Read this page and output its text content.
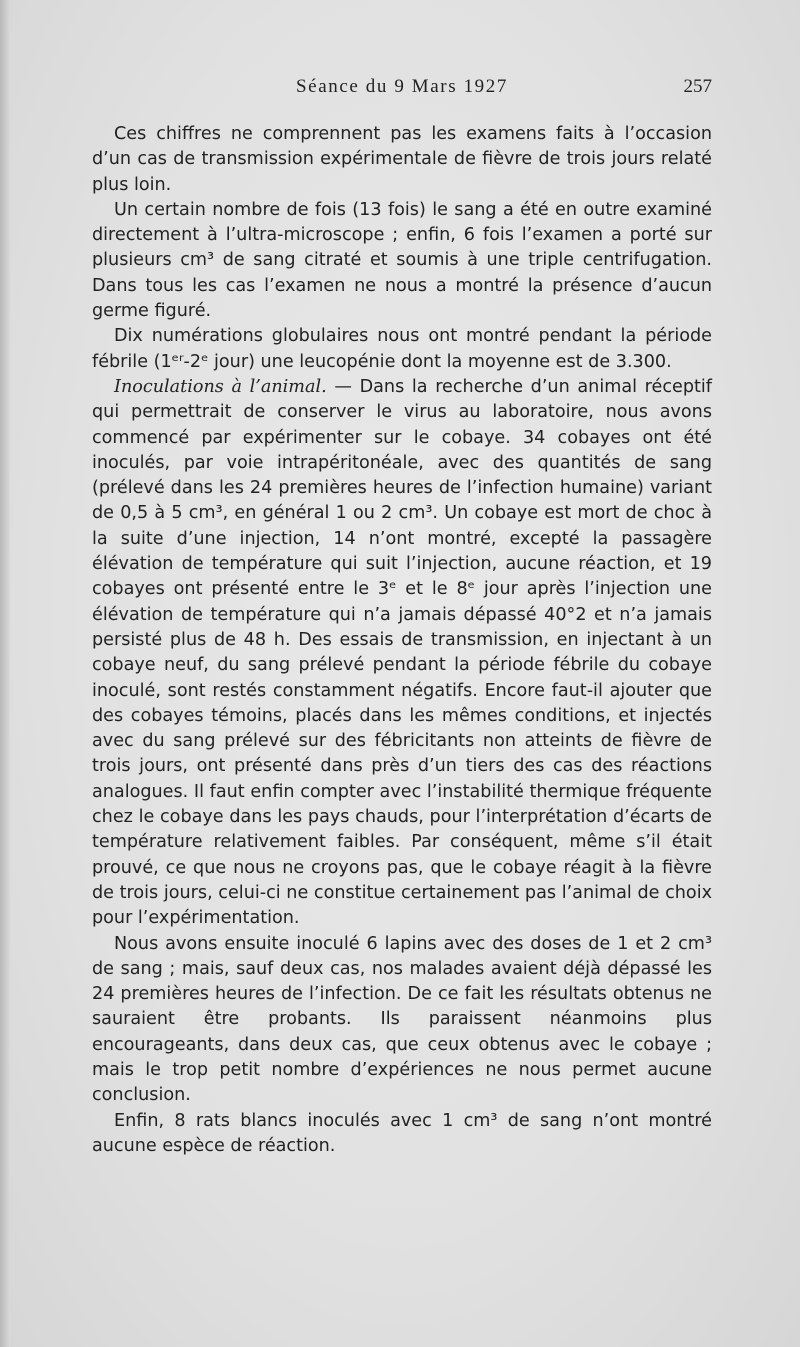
Séance du 9 Mars 1927	257

Ces chiffres ne comprennent pas les examens faits à l’occasion d’un cas de transmission expérimentale de fièvre de trois jours relaté plus loin.

Un certain nombre de fois (13 fois) le sang a été en outre examiné directement à l’ultra-microscope ; enfin, 6 fois l’examen a porté sur plusieurs cm³ de sang citraté et soumis à une triple centrifugation. Dans tous les cas l’examen ne nous a montré la présence d’aucun germe figuré.

Dix numérations globulaires nous ont montré pendant la période fébrile (1ᵉʳ-2ᵉ jour) une leucopénie dont la moyenne est de 3.300.

Inoculations à l’animal. — Dans la recherche d’un animal réceptif qui permettrait de conserver le virus au laboratoire, nous avons commencé par expérimenter sur le cobaye. 34 cobayes ont été inoculés, par voie intrapéritonéale, avec des quantités de sang (prélevé dans les 24 premières heures de l’infection humaine) variant de 0,5 à 5 cm³, en général 1 ou 2 cm³. Un cobaye est mort de choc à la suite d’une injection, 14 n’ont montré, excepté la passagère élévation de température qui suit l’injection, aucune réaction, et 19 cobayes ont présenté entre le 3ᵉ et le 8ᵉ jour après l’injection une élévation de température qui n’a jamais dépassé 40°2 et n’a jamais persisté plus de 48 h. Des essais de transmission, en injectant à un cobaye neuf, du sang prélevé pendant la période fébrile du cobaye inoculé, sont restés constamment négatifs. Encore faut-il ajouter que des cobayes témoins, placés dans les mêmes conditions, et injectés avec du sang prélevé sur des fébricitants non atteints de fièvre de trois jours, ont présenté dans près d’un tiers des cas des réactions analogues. Il faut enfin compter avec l’instabilité thermique fréquente chez le cobaye dans les pays chauds, pour l’interprétation d’écarts de température relativement faibles. Par conséquent, même s’il était prouvé, ce que nous ne croyons pas, que le cobaye réagit à la fièvre de trois jours, celui-ci ne constitue certainement pas l’animal de choix pour l’expérimentation.

Nous avons ensuite inoculé 6 lapins avec des doses de 1 et 2 cm³ de sang ; mais, sauf deux cas, nos malades avaient déjà dépassé les 24 premières heures de l’infection. De ce fait les résultats obtenus ne sauraient être probants. Ils paraissent néanmoins plus encourageants, dans deux cas, que ceux obtenus avec le cobaye ; mais le trop petit nombre d’expériences ne nous permet aucune conclusion.

Enfin, 8 rats blancs inoculés avec 1 cm³ de sang n’ont montré aucune espèce de réaction.
